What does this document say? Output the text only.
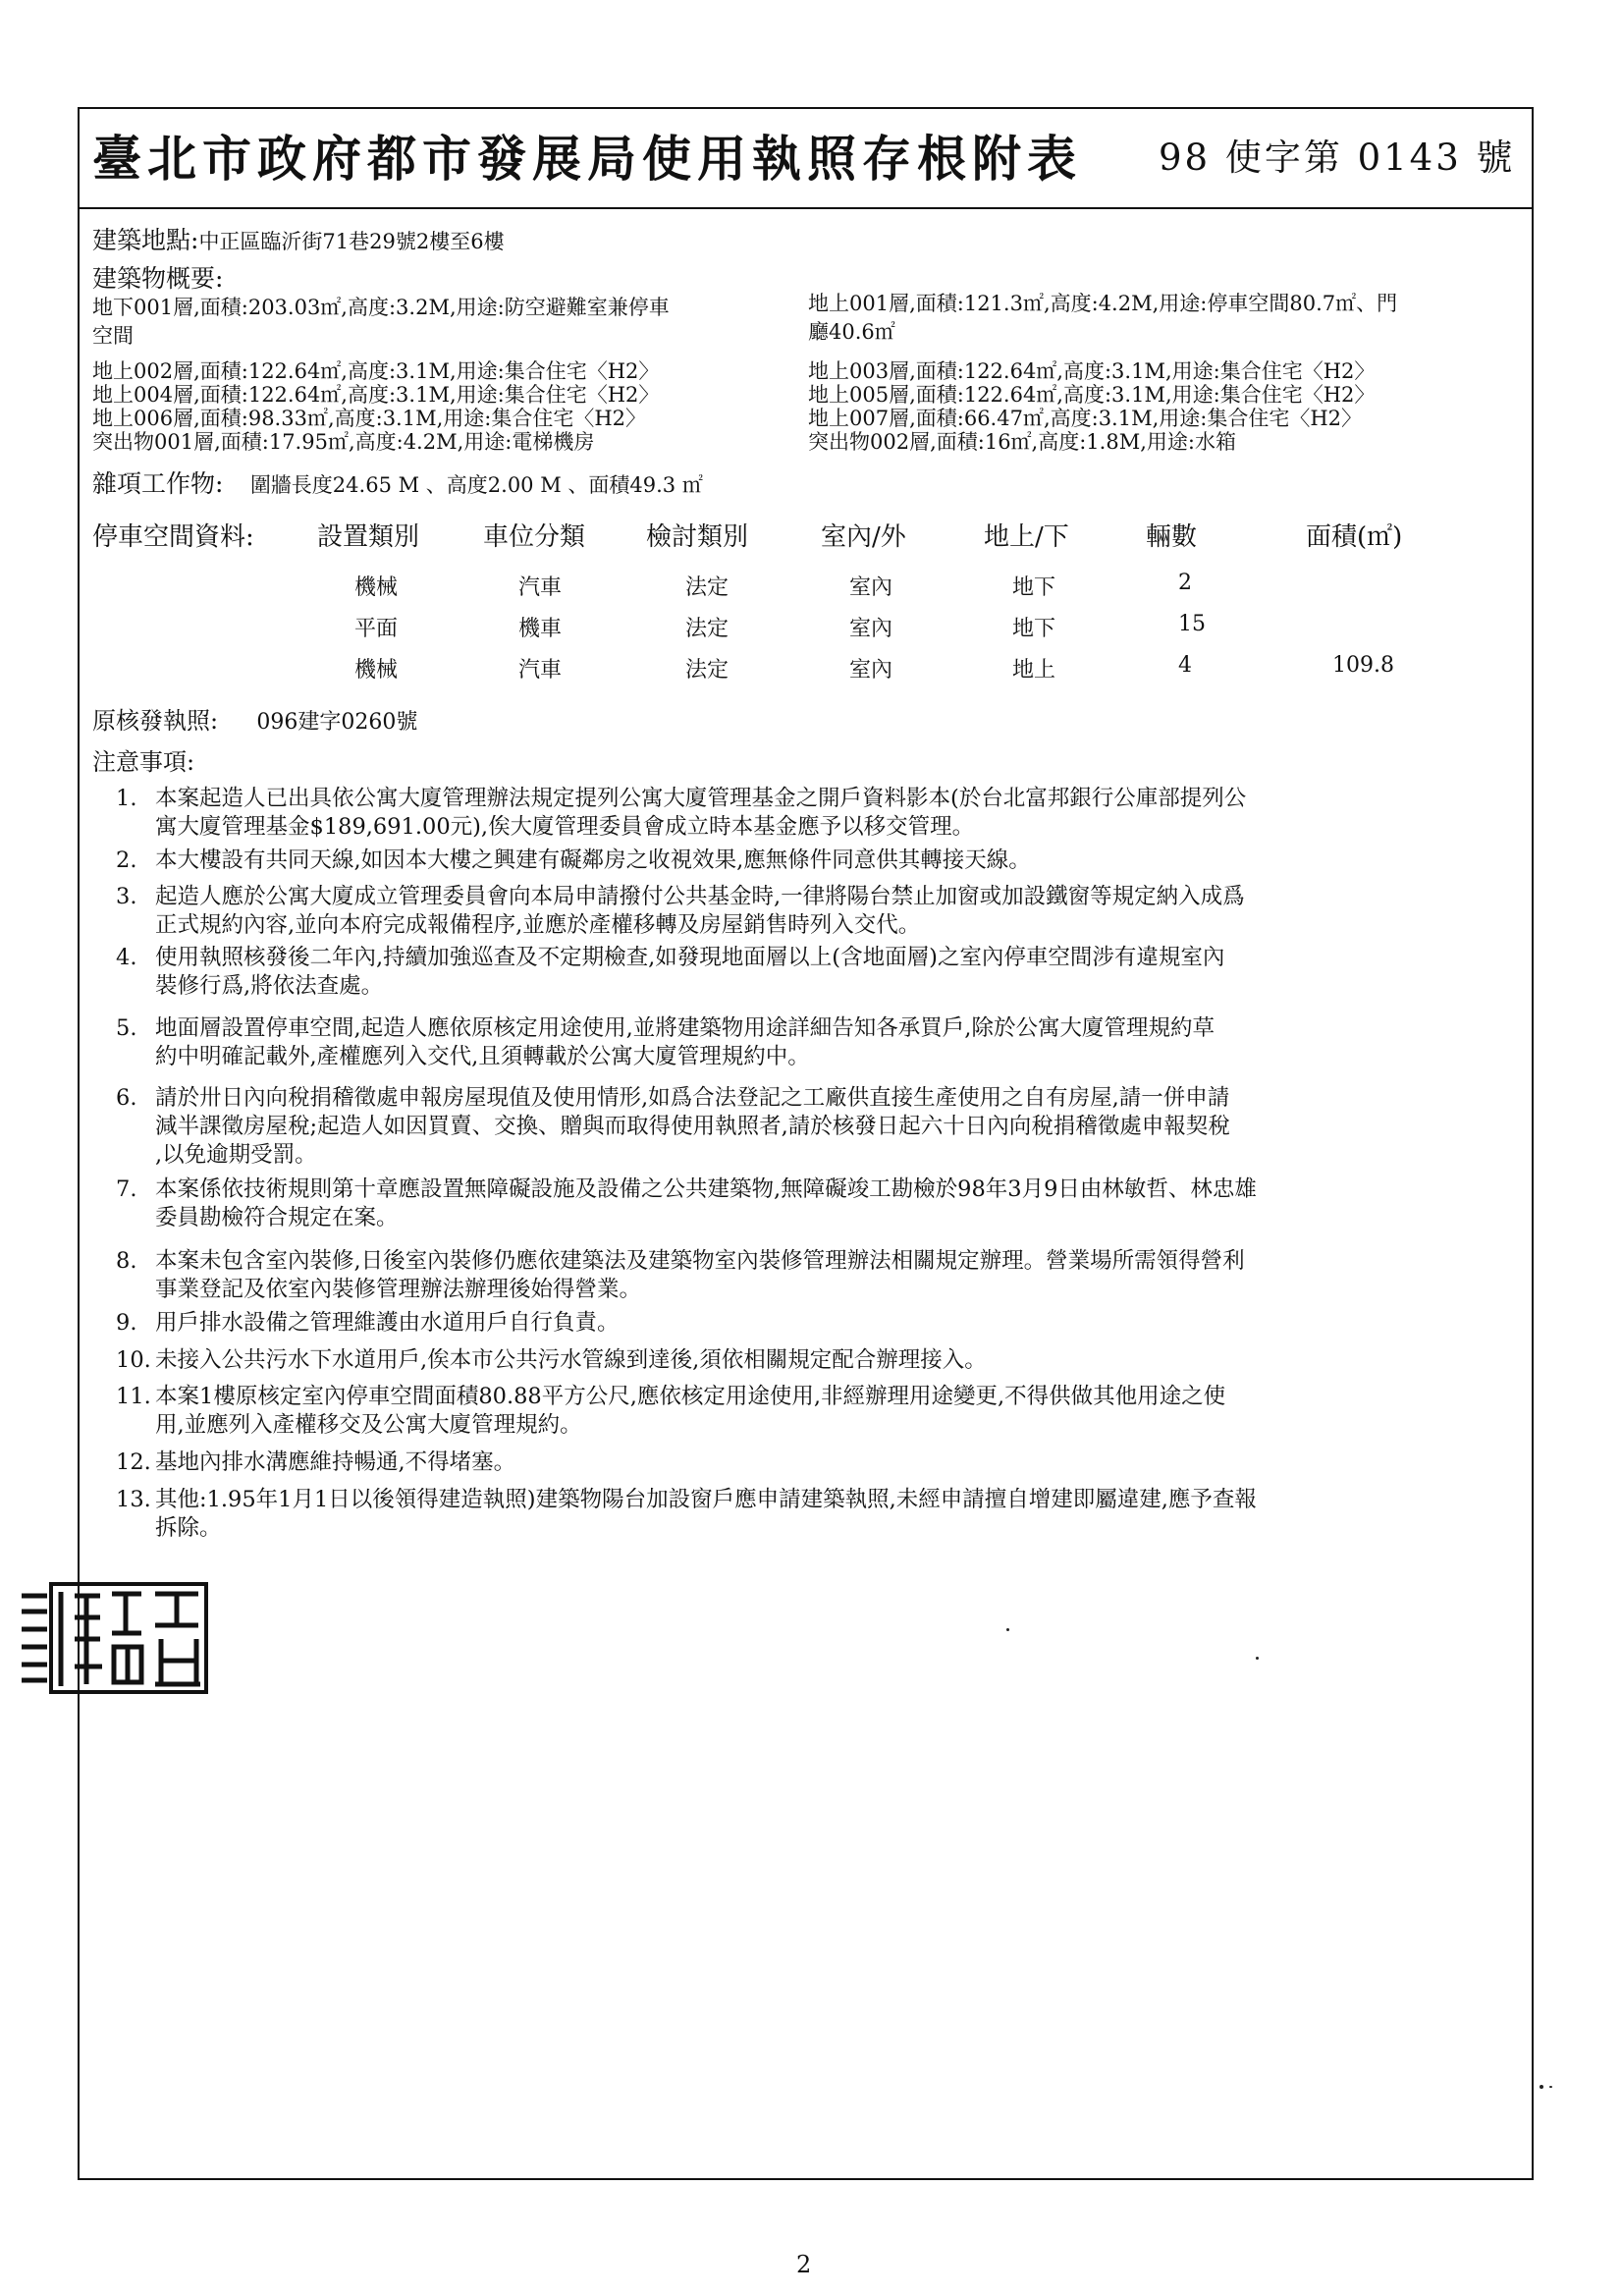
臺北市政府都市發展局使用執照存根附表 98 使字第 0143 號
建築地點:中正區臨沂街71巷29號2樓至6樓
建築物概要:
地下001層,面積:203.03㎡,高度:3.2M,用途:防空避難室兼停車
空間
地上002層,面積:122.64㎡,高度:3.1M,用途:集合住宅〈H2〉
地上004層,面積:122.64㎡,高度:3.1M,用途:集合住宅〈H2〉
地上006層,面積:98.33㎡,高度:3.1M,用途:集合住宅〈H2〉
突出物001層,面積:17.95㎡,高度:4.2M,用途:電梯機房
地上001層,面積:121.3㎡,高度:4.2M,用途:停車空間80.7㎡、門
廳40.6㎡
地上003層,面積:122.64㎡,高度:3.1M,用途:集合住宅〈H2〉
地上005層,面積:122.64㎡,高度:3.1M,用途:集合住宅〈H2〉
地上007層,面積:66.47㎡,高度:3.1M,用途:集合住宅〈H2〉
突出物002層,面積:16㎡,高度:1.8M,用途:水箱
雜項工作物: 圍牆長度24.65 M 、高度2.00 M 、面積49.3 ㎡
停車空間資料: 設置類別 車位分類 檢討類別	室內/外	地上/下	輛數	面積(㎡)
機械	汽車	法定	室內	地下	2
平面	機車	法定	室內	地下	15
機械	汽車	法定	室內	地上	4	109.8
原核發執照: 096建字0260號
注意事項:
1. 本案起造人已出具依公寓大廈管理辦法規定提列公寓大廈管理基金之開戶資料影本(於台北富邦銀行公庫部提列公
寓大廈管理基金$189,691.00元),俟大廈管理委員會成立時本基金應予以移交管理。
2. 本大樓設有共同天線,如因本大樓之興建有礙鄰房之收視效果,應無條件同意供其轉接天線。
3. 起造人應於公寓大廈成立管理委員會向本局申請撥付公共基金時,一律將陽台禁止加窗或加設鐵窗等規定納入成爲
正式規約內容,並向本府完成報備程序,並應於產權移轉及房屋銷售時列入交代。
4. 使用執照核發後二年內,持續加強巡查及不定期檢查,如發現地面層以上(含地面層)之室內停車空間涉有違規室內
裝修行爲,將依法查處。
5. 地面層設置停車空間,起造人應依原核定用途使用,並將建築物用途詳細告知各承買戶,除於公寓大廈管理規約草
約中明確記載外,產權應列入交代,且須轉載於公寓大廈管理規約中。
6. 請於卅日內向稅捐稽徵處申報房屋現值及使用情形,如爲合法登記之工廠供直接生產使用之自有房屋,請一併申請
減半課徵房屋稅;起造人如因買賣、交換、贈與而取得使用執照者,請於核發日起六十日內向稅捐稽徵處申報契稅
,以免逾期受罰。
7. 本案係依技術規則第十章應設置無障礙設施及設備之公共建築物,無障礙竣工勘檢於98年3月9日由林敏哲、林忠雄
委員勘檢符合規定在案。
8. 本案未包含室內裝修,日後室內裝修仍應依建築法及建築物室內裝修管理辦法相關規定辦理。營業場所需領得營利
事業登記及依室內裝修管理辦法辦理後始得營業。
9. 用戶排水設備之管理維護由水道用戶自行負責。
10. 未接入公共污水下水道用戶,俟本市公共污水管線到達後,須依相關規定配合辦理接入。
11. 本案1樓原核定室內停車空間面積80.88平方公尺,應依核定用途使用,非經辦理用途變更,不得供做其他用途之使
用,並應列入產權移交及公寓大廈管理規約。
12. 基地內排水溝應維持暢通,不得堵塞。
13. 其他:1.95年1月1日以後領得建造執照)建築物陽台加設窗戶應申請建築執照,未經申請擅自增建即屬違建,應予查報
拆除。
2
